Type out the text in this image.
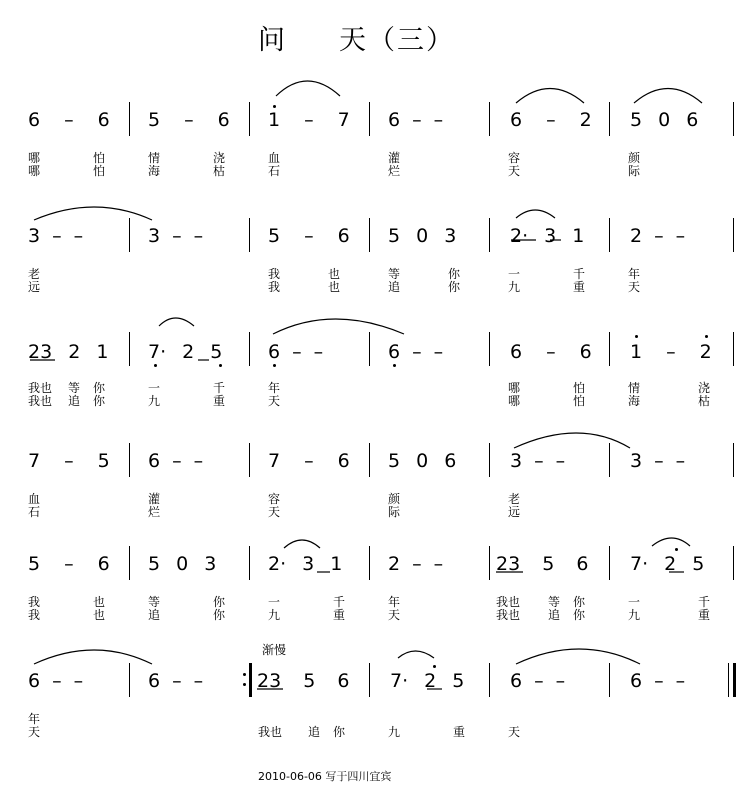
问 天（三）
6 – 6 5 – 6 1 – 7 6 – –	6 – 2 5 0 6
哪	怕	情	浇	血	灌	容	颜
哪	怕	海	枯	石	烂	天	际
3 – –	3 – –	5 – 6 5 0 3	2· 3 1 2 – –
老	我	也	等	你	一	千	年
远	我	也	追	你	九	重	天
23 2 1 7· 2 5 6 – –	6 – –	6 – 6 1 – 2
我也 等 你	一	千	年	哪	怕	情	浇
我也 追 你	九	重	天	哪	怕	海	枯
7 – 5 6 – –	7 – 6 5 0 6	3 – –	3 – –
血	灌	容	颜	老
石	烂	天	际	远
5 – 6 5 0 3	2· 3 1 2 – –	23 5 6 7· 2 5
我	也	等	你	一	千	年	我也 等 你	一	千
我	也	追	你	九	重	天	我也 追 你	九	重
渐慢
6 – –	6 – –	23 5 6 7· 2 5 6 – –	6 – –
年
天	我也 追 你	九	重	天
2010-06-06 写于四川宜宾
